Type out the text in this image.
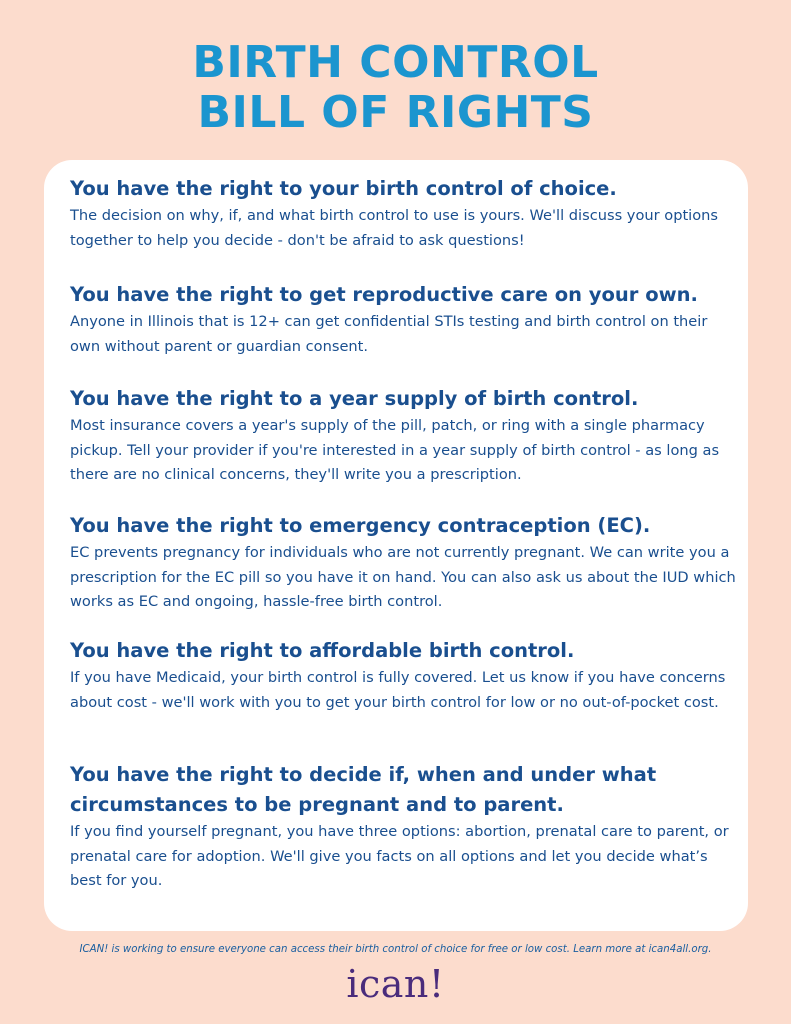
BIRTH CONTROL
BILL OF RIGHTS
You have the right to your birth control of choice.

The decision on why, if, and what birth control to use is yours. We'll discuss your options together to help you decide - don't be afraid to ask questions!

You have the right to get reproductive care on your own.

Anyone in Illinois that is 12+ can get confidential STIs testing and birth control on their own without parent or guardian consent.

You have the right to a year supply of birth control.

Most insurance covers a year's supply of the pill, patch, or ring with a single pharmacy pickup. Tell your provider if you're interested in a year supply of birth control - as long as there are no clinical concerns, they'll write you a prescription.

You have the right to emergency contraception (EC).

EC prevents pregnancy for individuals who are not currently pregnant. We can write you a prescription for the EC pill so you have it on hand. You can also ask us about the IUD which works as EC and ongoing, hassle-free birth control.

You have the right to affordable birth control.

If you have Medicaid, your birth control is fully covered. Let us know if you have concerns about cost - we'll work with you to get your birth control for low or no out-of-pocket cost.

You have the right to decide if, when and under what circumstances to be pregnant and to parent.

If you find yourself pregnant, you have three options: abortion, prenatal care to parent, or prenatal care for adoption. We'll give you facts on all options and let you decide what’s best for you.

ICAN! is working to ensure everyone can access their birth control of choice for free or low cost. Learn more at ican4all.org.
ican!
